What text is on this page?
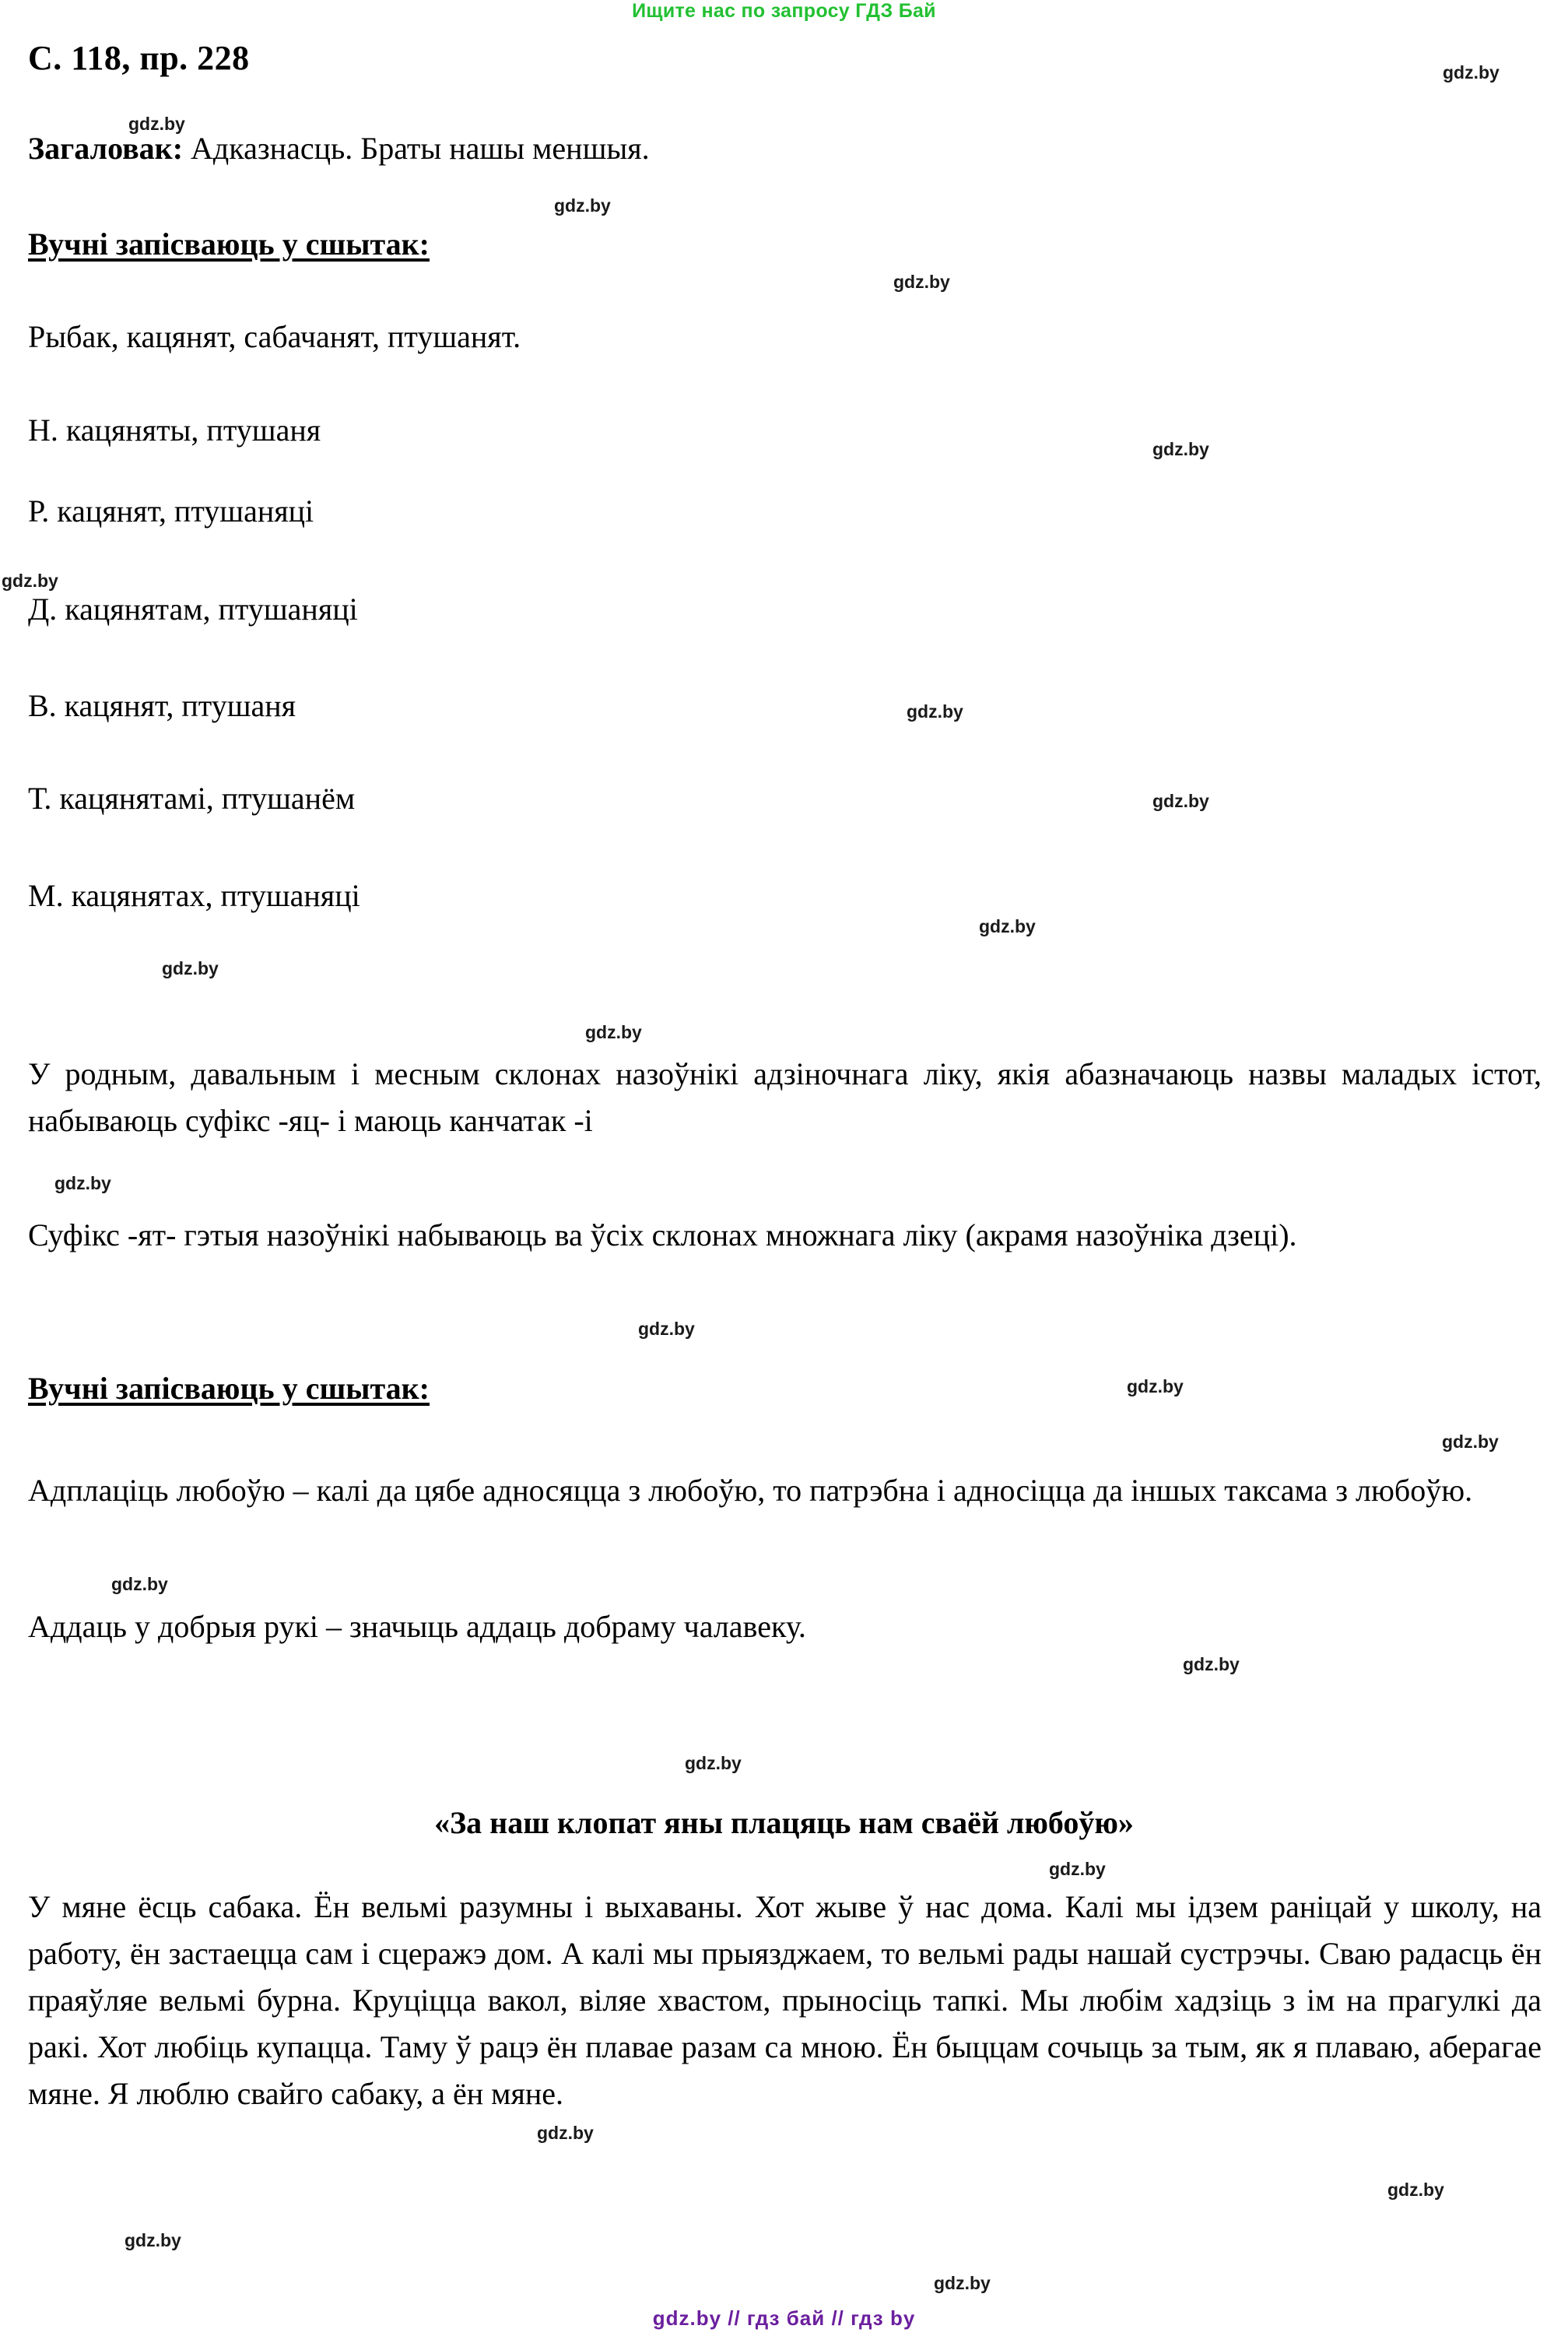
Ищите нас по запросу ГДЗ Бай
С. 118, пр. 228
Загаловак: Адказнасць. Браты нашы меншыя.
Вучні запісваюць у сшытак:
Рыбак, кацянят, сабачанят, птушанят.
Н. кацяняты, птушаня
Р. кацянят, птушаняці
Д. кацянятам, птушаняці
В. кацянят, птушаня
Т. кацянятамі, птушанём
М. кацянятах, птушаняці
У родным, давальным і месным склонах назоўнікі адзіночнага ліку, якія абазначаюць назвы маладых істот, набываюць суфікс -яц- і маюць канчатак -і
Суфікс -ят- гэтыя назоўнікі набываюць ва ўсіх склонах множнага ліку (акрамя назоўніка дзеці).
Вучні запісваюць у сшытак:
Адплаціць любоўю – калі да цябе адносяцца з любоўю, то патрэбна і адносіцца да іншых таксама з любоўю.
Аддаць у добрыя рукі – значыць аддаць добраму чалавеку.
«За наш клопат яны плацяць нам сваёй любоўю»
У мяне ёсць сабака. Ён вельмі разумны і выхаваны. Хот жыве ў нас дома. Калі мы ідзем раніцай у школу, на работу, ён застаецца сам і сцеражэ дом. А калі мы прыязджаем, то вельмі рады нашай сустрэчы. Сваю радасць ён праяўляе вельмі бурна. Круціцца вакол, віляе хвастом, прыносіць тапкі. Мы любім хадзіць з ім на прагулкі да ракі. Хот любіць купацца. Таму ў рацэ ён плавае разам са мною. Ён быццам сочыць за тым, як я плаваю, аберагае мяне. Я люблю свайго сабаку, а ён мяне.
gdz.by
gdz.by
gdz.by
gdz.by
gdz.by
gdz.by
gdz.by
gdz.by
gdz.by
gdz.by
gdz.by
gdz.by
gdz.by
gdz.by
gdz.by
gdz.by
gdz.by
gdz.by
gdz.by
gdz.by
gdz.by
gdz.by
gdz.by
gdz.by // гдз бай // гдз by
